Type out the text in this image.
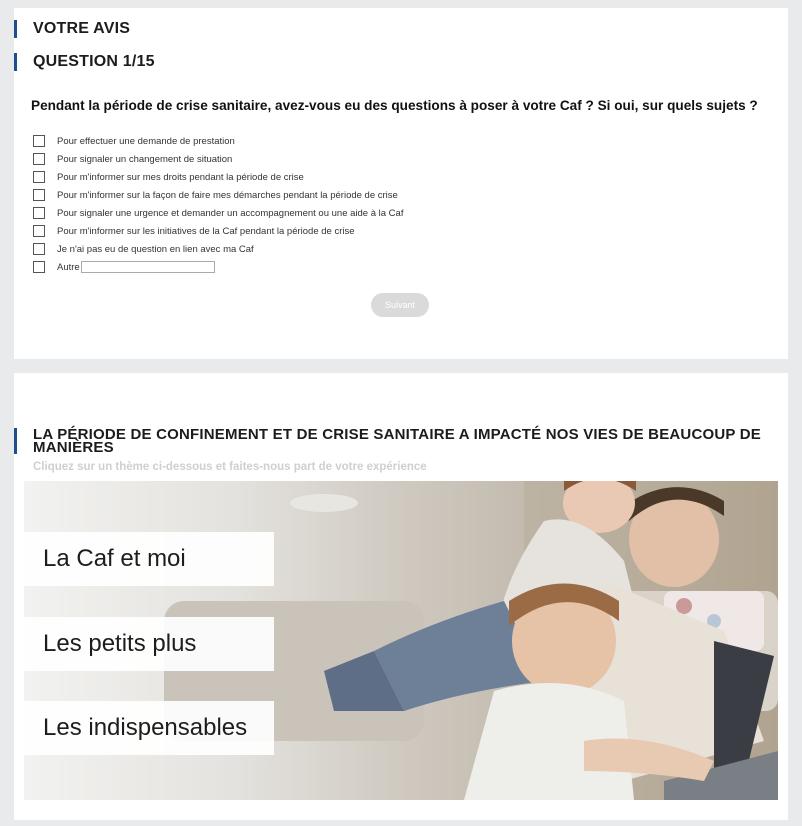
VOTRE AVIS
QUESTION 1/15
Pendant la période de crise sanitaire, avez-vous eu des questions à poser à votre Caf ? Si oui, sur quels sujets ?
Pour effectuer une demande de prestation
Pour signaler un changement de situation
Pour m'informer sur mes droits pendant la période de crise
Pour m'informer sur la façon de faire mes démarches pendant la période de crise
Pour signaler une urgence et demander un accompagnement ou une aide à la Caf
Pour m'informer sur les initiatives de la Caf pendant la période de crise
Je n'ai pas eu de question en lien avec ma Caf
Autre
Suivant
LA PÉRIODE DE CONFINEMENT ET DE CRISE SANITAIRE A IMPACTÉ NOS VIES DE BEAUCOUP DE
MANIÈRES
Cliquez sur un thème ci-dessous et faites-nous part de votre expérience
La Caf et moi
Les petits plus
Les indispensables
